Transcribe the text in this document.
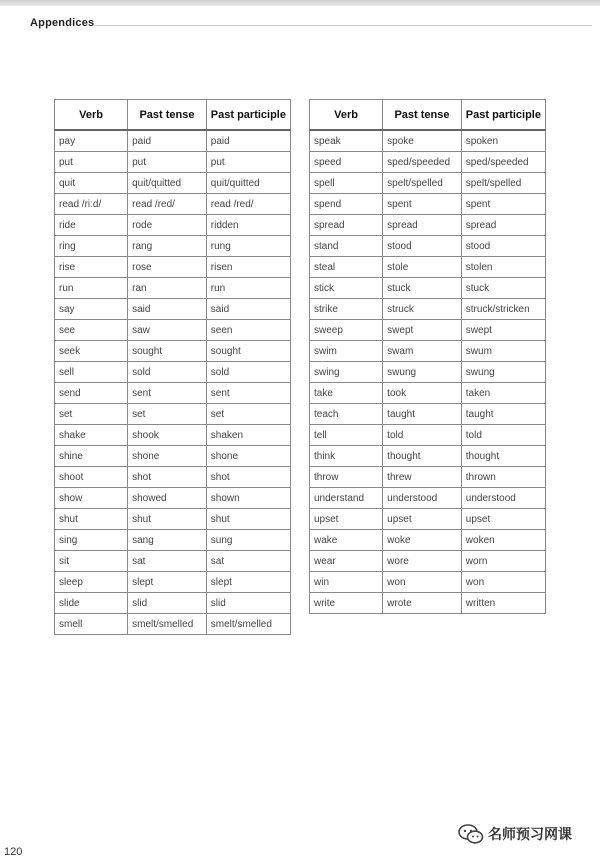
Appendices
Verb	Past tense	Past participle
pay	paid	paid
put	put	put
quit	quit/quitted	quit/quitted
read /riːd/	read /red/	read /red/
ride	rode	ridden
ring	rang	rung
rise	rose	risen
run	ran	run
say	said	said
see	saw	seen
seek	sought	sought
sell	sold	sold
send	sent	sent
set	set	set
shake	shook	shaken
shine	shone	shone
shoot	shot	shot
show	showed	shown
shut	shut	shut
sing	sang	sung
sit	sat	sat
sleep	slept	slept
slide	slid	slid
smell	smelt/smelled	smelt/smelled
Verb	Past tense	Past participle
speak	spoke	spoken
speed	sped/speeded	sped/speeded
spell	spelt/spelled	spelt/spelled
spend	spent	spent
spread	spread	spread
stand	stood	stood
steal	stole	stolen
stick	stuck	stuck
strike	struck	struck/stricken
sweep	swept	swept
swim	swam	swum
swing	swung	swung
take	took	taken
teach	taught	taught
tell	told	told
think	thought	thought
throw	threw	thrown
understand	understood	understood
upset	upset	upset
wake	woke	woken
wear	wore	worn
win	won	won
write	wrote	written
120
名师预习网课
